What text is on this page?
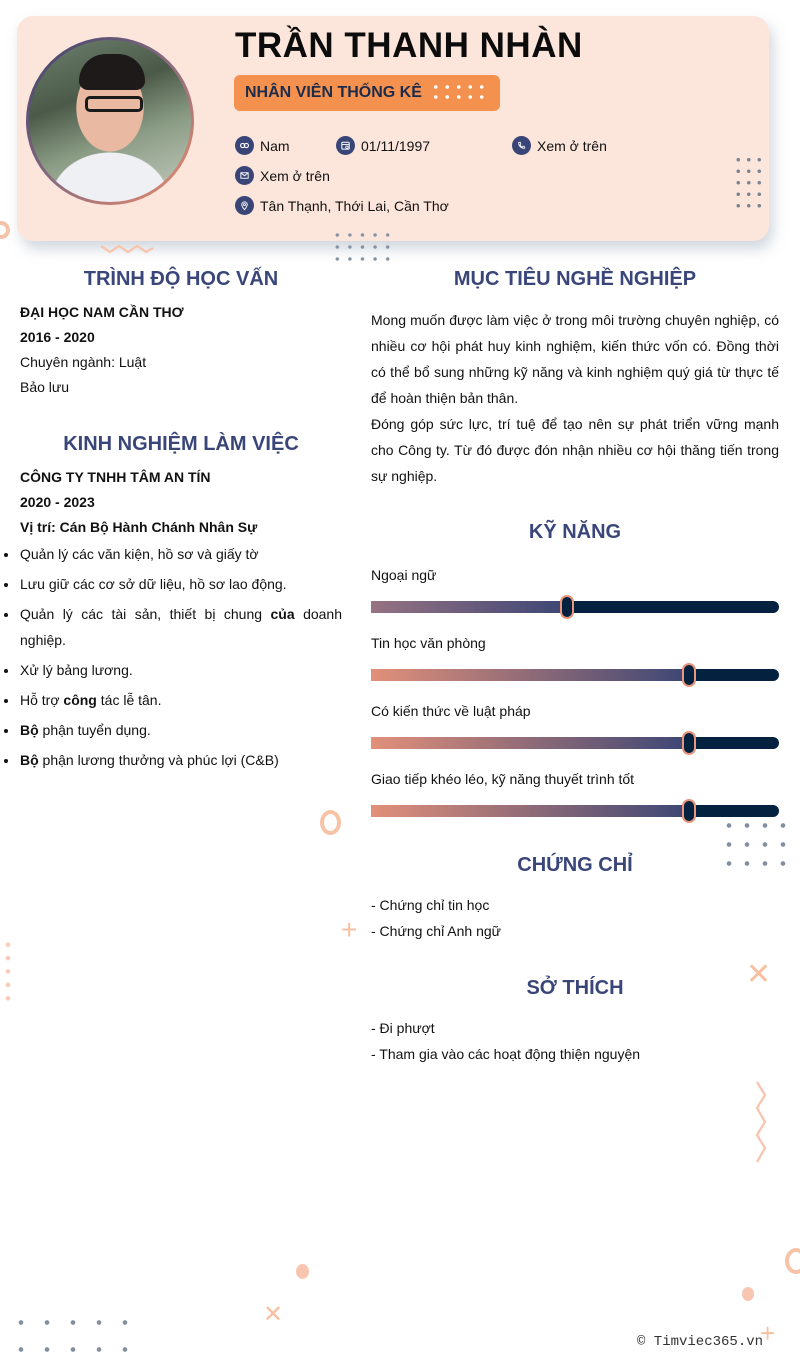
TRẦN THANH NHÀN
NHÂN VIÊN THỐNG KÊ
Nam	01/11/1997	Xem ở trên
Xem ở trên
Tân Thạnh, Thới Lai, Cần Thơ
+
✕
✕
+
TRÌNH ĐỘ HỌC VẤN
ĐẠI HỌC NAM CẦN THƠ
2016 - 2020
Chuyên ngành: Luật
Bảo lưu
KINH NGHIỆM LÀM VIỆC
CÔNG TY TNHH TÂM AN TÍN
2020 - 2023
Vị trí: Cán Bộ Hành Chánh Nhân Sự
Quản lý các văn kiện, hồ sơ và giấy tờ
Lưu giữ các cơ sở dữ liệu, hồ sơ lao động.
Quản lý các tài sản, thiết bị chung của doanh nghiệp.
Xử lý bảng lương.
Hỗ trợ công tác lễ tân.
Bộ phận tuyển dụng.
Bộ phận lương thưởng và phúc lợi (C&B)
MỤC TIÊU NGHỀ NGHIỆP

Mong muốn được làm việc ở trong môi trường chuyên nghiệp, có nhiều cơ hội phát huy kinh nghiệm, kiến thức vốn có. Đồng thời có thể bổ sung những kỹ năng và kinh nghiệm quý giá từ thực tế để hoàn thiện bản thân.

Đóng góp sức lực, trí tuệ để tạo nên sự phát triển vững mạnh cho Công ty. Từ đó được đón nhận nhiều cơ hội thăng tiến trong sự nghiệp.

KỸ NĂNG
Ngoại ngữ
Tin học văn phòng
Có kiến thức về luật pháp
Giao tiếp khéo léo, kỹ năng thuyết trình tốt
CHỨNG CHỈ
- Chứng chỉ tin học
- Chứng chỉ Anh ngữ
SỞ THÍCH
- Đi phượt
- Tham gia vào các hoạt động thiện nguyện
© Timviec365.vn
